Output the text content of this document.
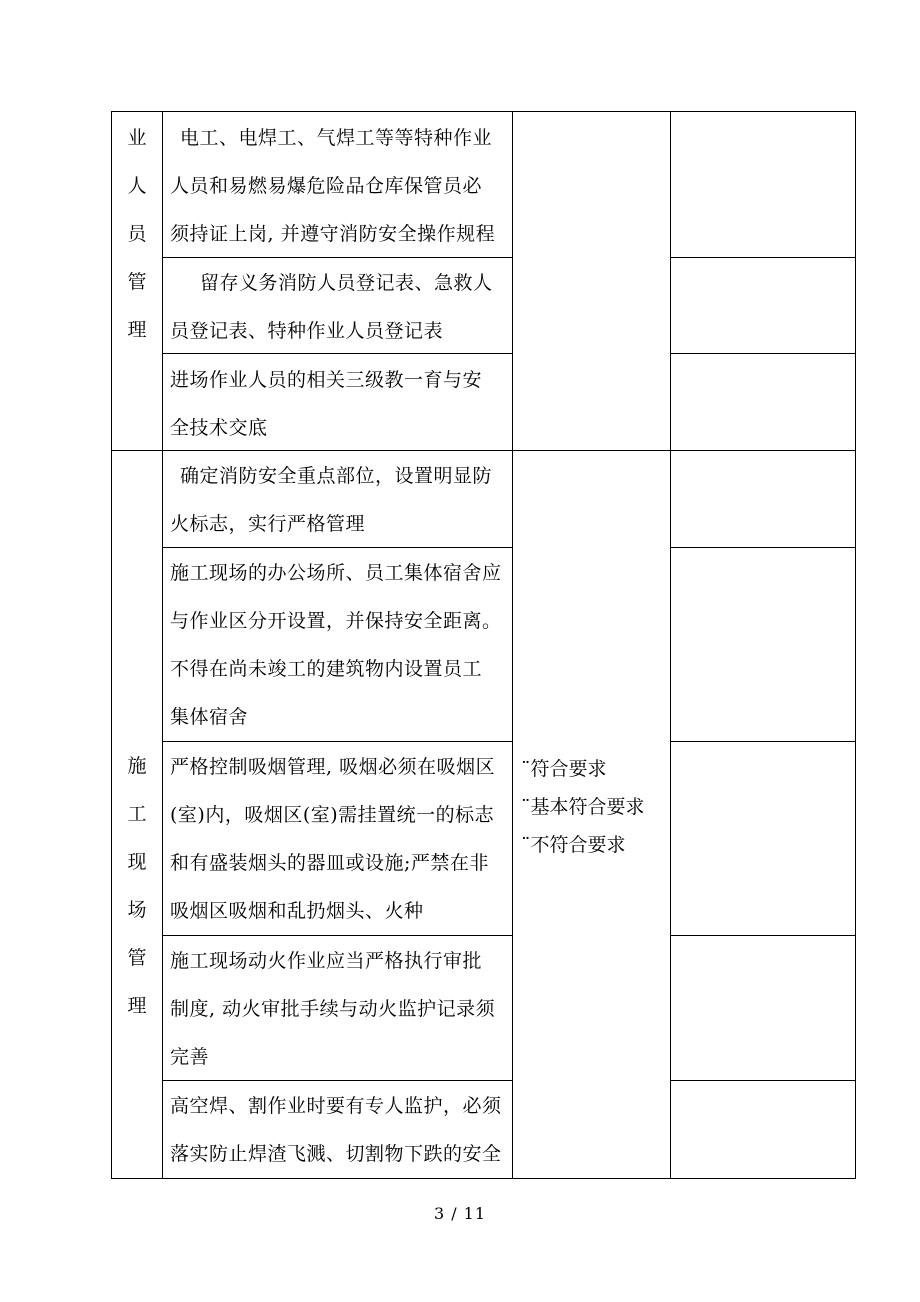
业
人
员
管
理
施
工
现
场
管
理
电工、电焊工、气焊工等等特种作业
人员和易燃易爆危险品仓库保管员必
须持证上岗, 并遵守消防安全操作规程
留存义务消防人员登记表、急救人
员登记表、特种作业人员登记表
进场作业人员的相关三级教一育与安
全技术交底
确定消防安全重点部位，设置明显防
火标志，实行严格管理
施工现场的办公场所、员工集体宿舍应
与作业区分开设置，并保持安全距离。
不得在尚未竣工的建筑物内设置员工
集体宿舍
严格控制吸烟管理, 吸烟必须在吸烟区
(室)内，吸烟区(室)需挂置统一的标志
和有盛装烟头的器皿或设施;严禁在非
吸烟区吸烟和乱扔烟头、火种
施工现场动火作业应当严格执行审批
制度, 动火审批手续与动火监护记录须
完善
高空焊、割作业时要有专人监护，必须
落实防止焊渣飞溅、切割物下跌的安全
¨符合要求
¨基本符合要求
¨不符合要求
3 / 11
